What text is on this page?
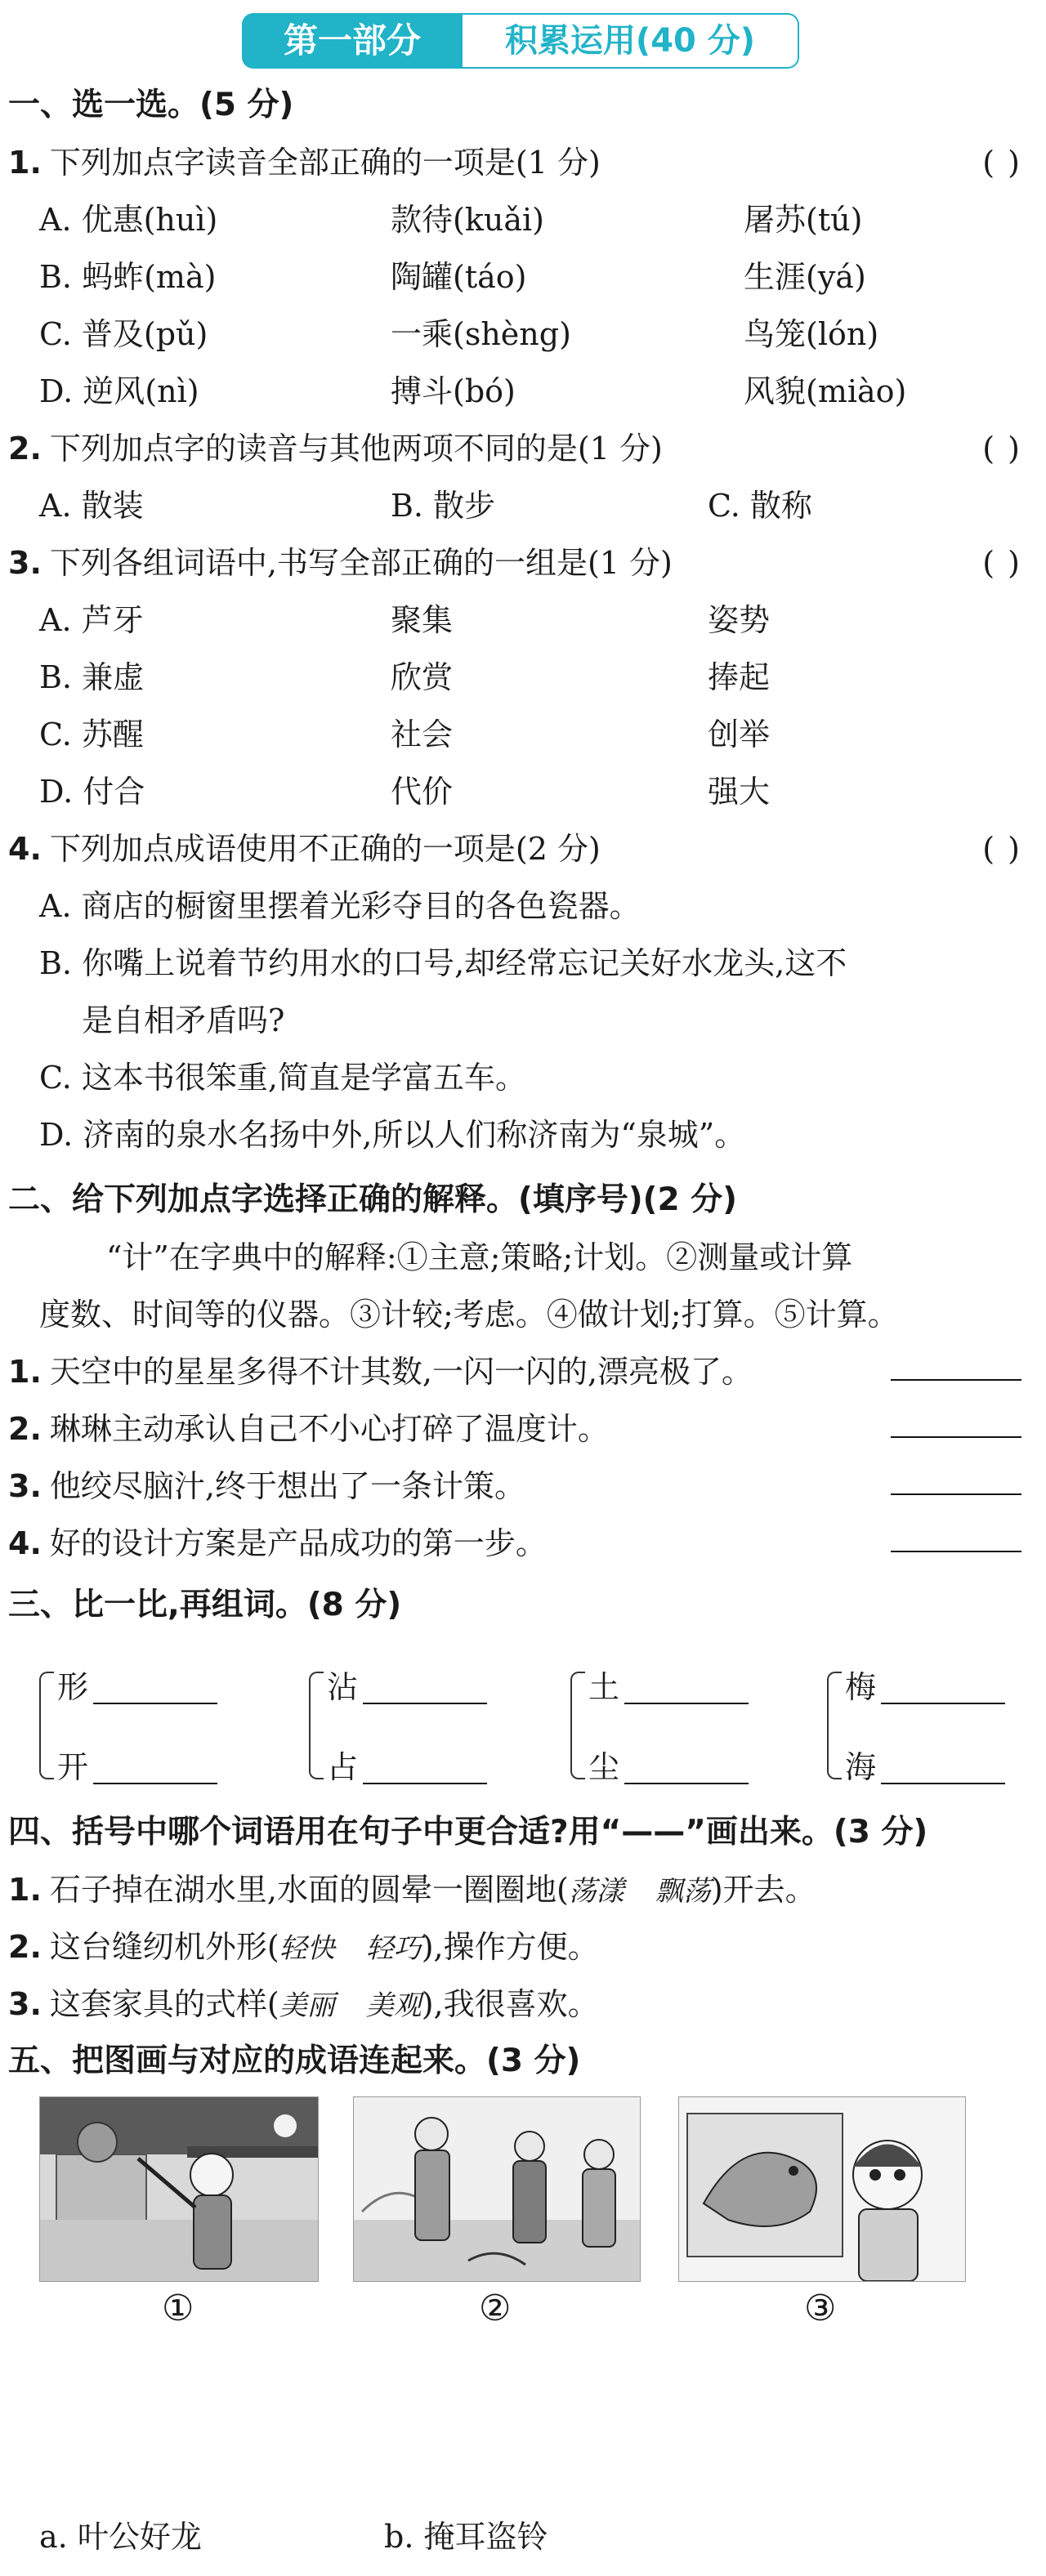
第一部分	积累运用(40 分)
一、选一选。(5 分)
1. 下列加点字读音全部正确的一项是(1 分)	( )
A. 优惠(huì)	款待(kuǎi)	屠苏(tú)
B. 蚂蚱(mà)	陶罐(táo)	生涯(yá)
C. 普及(pǔ)	一乘(shèng)	鸟笼(lón)
D. 逆风(nì)	搏斗(bó)	风貌(miào)
2. 下列加点字的读音与其他两项不同的是(1 分)	( )
A. 散装	B. 散步	C. 散称
3. 下列各组词语中,书写全部正确的一组是(1 分)	( )
A. 芦牙	聚集	姿势
B. 兼虚	欣赏	捧起
C. 苏醒	社会	创举
D. 付合	代价	强大
4. 下列加点成语使用不正确的一项是(2 分)	( )
A. 商店的橱窗里摆着光彩夺目的各色瓷器。
B. 你嘴上说着节约用水的口号,却经常忘记关好水龙头,这不
是自相矛盾吗?
C. 这本书很笨重,简直是学富五车。
D. 济南的泉水名扬中外,所以人们称济南为“泉城”。
二、给下列加点字选择正确的解释。(填序号)(2 分)
“计”在字典中的解释:①主意;策略;计划。②测量或计算
度数、时间等的仪器。③计较;考虑。④做计划;打算。⑤计算。
1. 天空中的星星多得不计其数,一闪一闪的,漂亮极了。
2. 琳琳主动承认自己不小心打碎了温度计。
3. 他绞尽脑汁,终于想出了一条计策。
4. 好的设计方案是产品成功的第一步。
三、比一比,再组词。(8 分)
形
开
沾
占
土
尘
梅
海
四、括号中哪个词语用在句子中更合适?用“——”画出来。(3 分)
1. 石子掉在湖水里,水面的圆晕一圈圈地(荡漾　 飘荡)开去。
2. 这台缝纫机外形(轻快　 轻巧),操作方便。
3. 这套家具的式样(美丽　 美观),我很喜欢。
五、把图画与对应的成语连起来。(3 分)
①	②	③
a. 叶公好龙	b. 掩耳盗铃
